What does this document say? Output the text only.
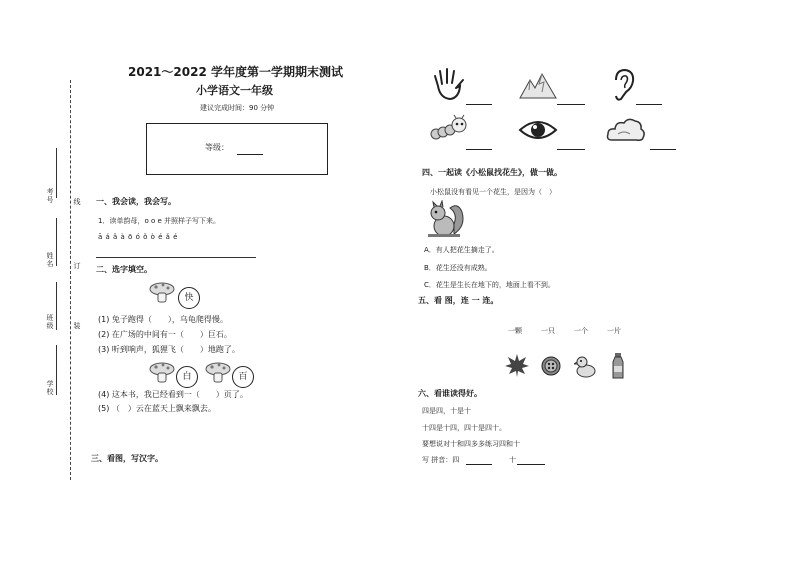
线
订
装
考号
姓名
班级
学校
2021～2022 学年度第一学期期末测试
小学语文一年级
建议完成时间：90 分钟
等级：
一、我会读，我会写。
1．读单韵母，o o e 并照样子写下来。
ā á ǎ à ō ó ǒ ò é ǎ é
二、选字填空。
快
(1) 兔子跑得（　　），乌龟爬得慢。
(2) 在广场的中间有一（　　）巨石。
(3) 听到响声，狐狸飞（　　）地跑了。
白	百
(4) 这本书，我已经看到一（　　）页了。
(5) （　）云在蓝天上飘来飘去。
三、看图，写汉字。
四、一起读《小松鼠找花生》，做一做。
小松鼠没有看见一个花生，是因为（　）
A．有人把花生摘走了。
B．花生还没有成熟。
C．花生是生长在地下的，地面上看不到。
五、看 图，连 一 连。
一颗	一只	一个	一片
六、看谁读得好。
四是四，十是十
十四是十四，四十是四十。
要想说对十和四多多练习四和十
写 拼音：四	十
